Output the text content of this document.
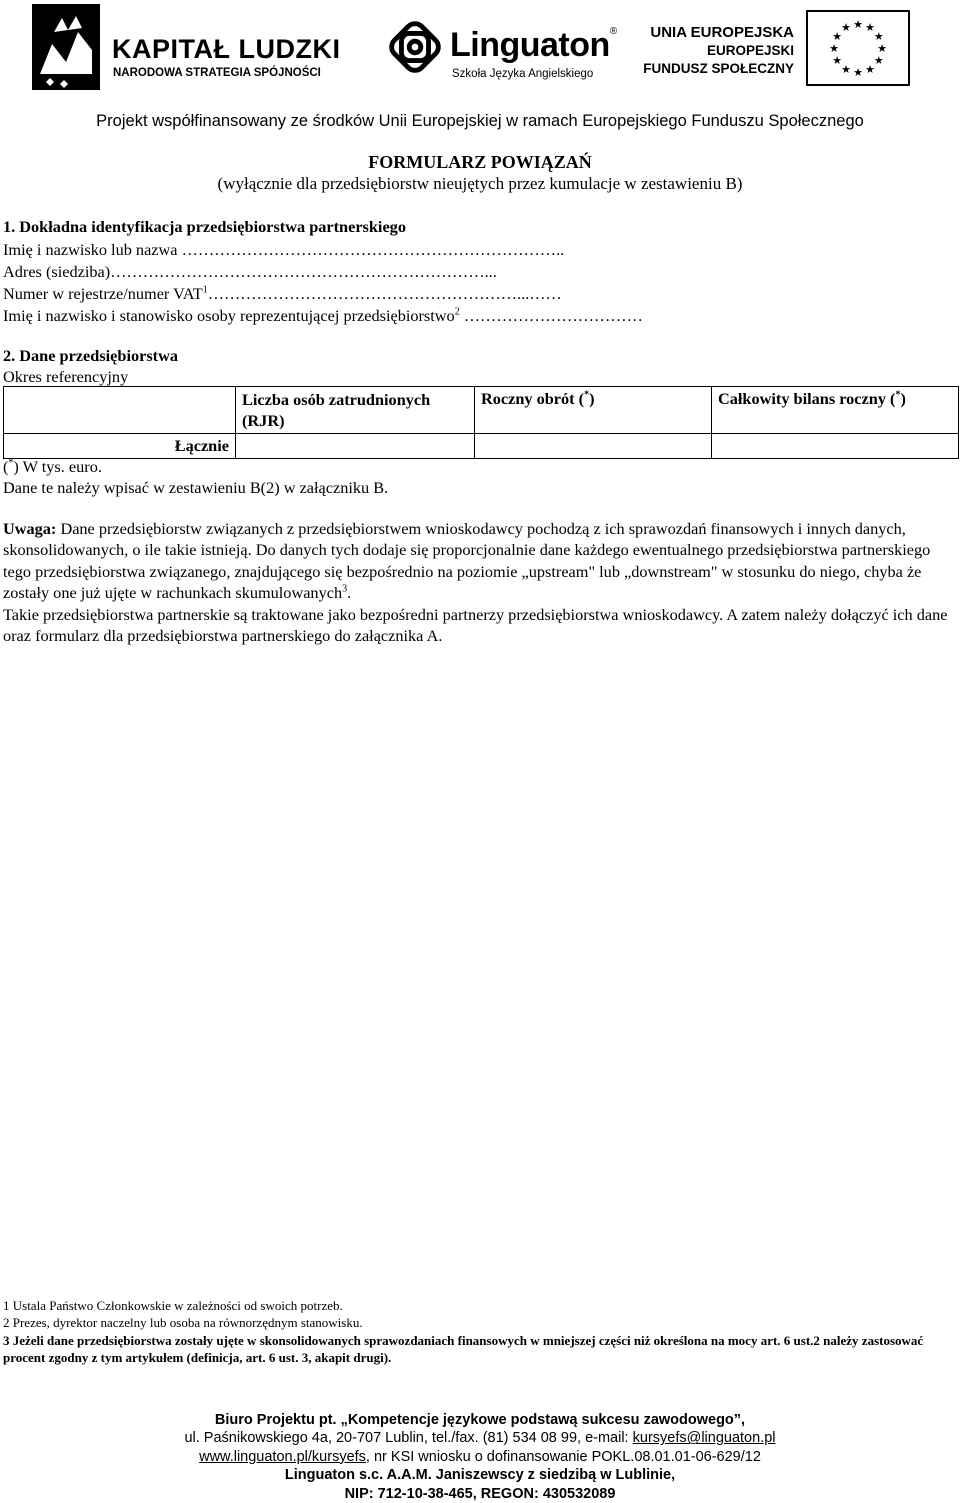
KAPITAŁ LUDZKI
NARODOWA STRATEGIA SPÓJNOŚCI
Linguaton®
Szkoła Języka Angielskiego
UNIA EUROPEJSKA
EUROPEJSKI
FUNDUSZ SPOŁECZNY
★ ★
★
★
★
★
★
★
★
★
★
★
Projekt współfinansowany ze środków Unii Europejskiej w ramach Europejskiego Funduszu Społecznego
FORMULARZ POWIĄZAŃ
(wyłącznie dla przedsiębiorstw nieujętych przez kumulacje w zestawieniu B)
1. Dokładna identyfikacja przedsiębiorstwa partnerskiego
Imię i nazwisko lub nazwa ……………………………………………………………..
Adres (siedziba)……………………………………………………………...
Numer w rejestrze/numer VAT$^1$…………………………………………………...……
Imię i nazwisko i stanowisko osoby reprezentującej przedsiębiorstwo$^2$ ……………………………
2. Dane przedsiębiorstwa
Okres referencyjny
	Liczba osób zatrudnionych (RJR)	Roczny obrót (*)	Całkowity bilans roczny (*)
Łącznie			
(*) W tys. euro.
Dane te należy wpisać w zestawieniu B(2) w załączniku B.
Uwaga: Dane przedsiębiorstw związanych z przedsiębiorstwem wnioskodawcy pochodzą z ich sprawozdań finansowych i innych danych, skonsolidowanych, o ile takie istnieją. Do danych tych dodaje się proporcjonalnie dane każdego ewentualnego przedsiębiorstwa partnerskiego tego przedsiębiorstwa związanego, znajdującego się bezpośrednio na poziomie „upstream" lub „downstream" w stosunku do niego, chyba że zostały one już ujęte w rachunkach skumulowanych$^3$.
Takie przedsiębiorstwa partnerskie są traktowane jako bezpośredni partnerzy przedsiębiorstwa wnioskodawcy. A zatem należy dołączyć ich dane oraz formularz dla przedsiębiorstwa partnerskiego do załącznika A.
1 Ustala Państwo Członkowskie w zależności od swoich potrzeb.
2 Prezes, dyrektor naczelny lub osoba na równorzędnym stanowisku.
3 Jeżeli dane przedsiębiorstwa zostały ujęte w skonsolidowanych sprawozdaniach finansowych w mniejszej części niż określona na mocy art. 6 ust.2 należy zastosować procent zgodny z tym artykułem (definicja, art. 6 ust. 3, akapit drugi).
Biuro Projektu pt. „Kompetencje językowe podstawą sukcesu zawodowego”,
ul. Paśnikowskiego 4a, 20-707 Lublin, tel./fax. (81) 534 08 99, e-mail: kursyefs@linguaton.pl
www.linguaton.pl/kursyefs, nr KSI wniosku o dofinansowanie POKL.08.01.01-06-629/12
Linguaton s.c. A.A.M. Janiszewscy z siedzibą w Lublinie,
NIP: 712-10-38-465, REGON: 430532089
